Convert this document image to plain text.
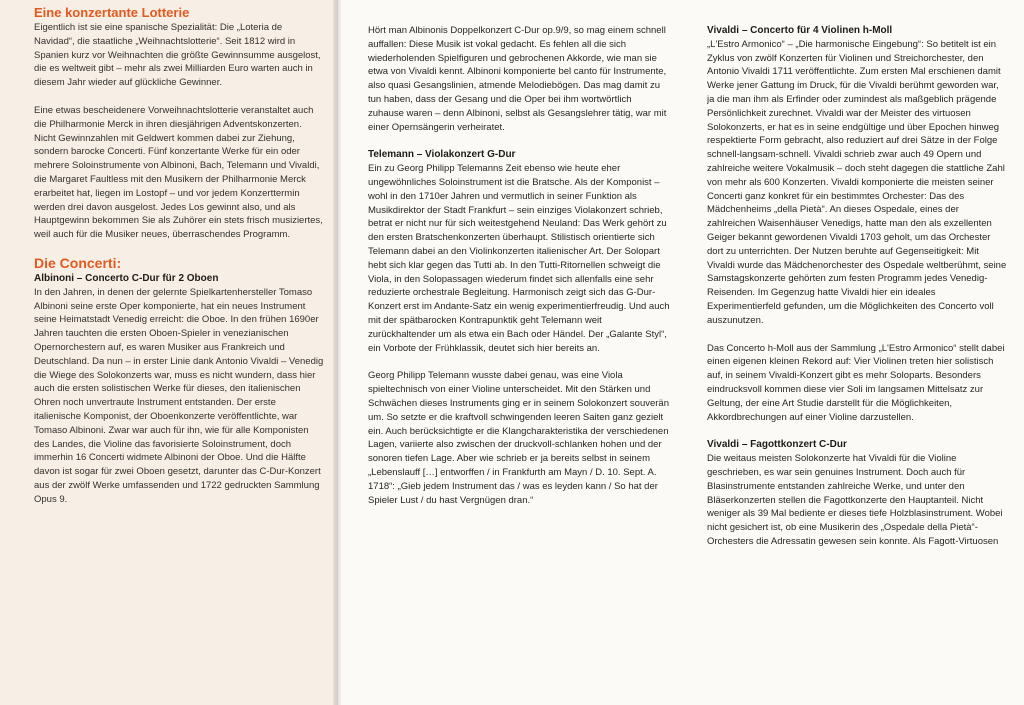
Eine konzertante Lotterie

Eigentlich ist sie eine spanische Spezialität: Die „Loteria de Navidad“, die staatliche „Weihnachtslotterie“. Seit 1812 wird in Spanien kurz vor Weihnachten die größte Gewinnsumme ausgelost, die es weltweit gibt – mehr als zwei Milliarden Euro warten auch in diesem Jahr wieder auf glückliche Gewinner.

Eine etwas bescheidenere Vorweihnachtslotterie veranstaltet auch die Philharmonie Merck in ihren diesjährigen Adventskonzerten. Nicht Gewinnzahlen mit Geldwert kommen dabei zur Ziehung, sondern barocke Concerti. Fünf konzertante Werke für ein oder mehrere Soloinstrumente von Albinoni, Bach, Telemann und Vivaldi, die Margaret Faultless mit den Musikern der Philharmonie Merck erarbeitet hat, liegen im Lostopf – und vor jedem Konzerttermin werden drei davon ausgelost. Jedes Los gewinnt also, und als Hauptgewinn bekommen Sie als Zuhörer ein stets frisch musiziertes, weil auch für die Musiker neues, überraschendes Programm.

Die Concerti:
Albinoni – Concerto C-Dur für 2 Oboen

In den Jahren, in denen der gelernte Spielkartenhersteller Tomaso Albinoni seine erste Oper komponierte, hat ein neues Instrument seine Heimatstadt Venedig erreicht: die Oboe. In den frühen 1690er Jahren tauchten die ersten Oboen-Spieler in venezianischen Opernorchestern auf, es waren Musiker aus Frankreich und Deutschland. Da nun – in erster Linie dank Antonio Vivaldi – Venedig die Wiege des Solokonzerts war, muss es nicht wundern, dass hier auch die ersten solistischen Werke für dieses, den italienischen Ohren noch unvertraute Instrument entstanden. Der erste italienische Komponist, der Oboenkonzerte veröffentlichte, war Tomaso Albinoni. Zwar war auch für ihn, wie für alle Komponisten des Landes, die Violine das favorisierte Soloinstrument, doch immerhin 16 Concerti widmete Albinoni der Oboe. Und die Hälfte davon ist sogar für zwei Oboen gesetzt, darunter das C-Dur-Konzert aus der zwölf Werke umfassenden und 1722 gedruckten Sammlung Opus 9.

Hört man Albinonis Doppelkonzert C-Dur op.9/9, so mag einem schnell auffallen: Diese Musik ist vokal gedacht. Es fehlen all die sich wiederholenden Spielfiguren und gebrochenen Akkorde, wie man sie etwa von Vivaldi kennt. Albinoni komponierte bel canto für Instrumente, also quasi Gesangslinien, atmende Melodiebögen. Das mag damit zu tun haben, dass der Gesang und die Oper bei ihm wortwörtlich zuhause waren – denn Albinoni, selbst als Gesangslehrer tätig, war mit einer Opernsängerin verheiratet.

Telemann – Violakonzert G-Dur

Ein zu Georg Philipp Telemanns Zeit ebenso wie heute eher ungewöhnliches Soloinstrument ist die Bratsche. Als der Komponist – wohl in den 1710er Jahren und vermutlich in seiner Funktion als Musikdirektor der Stadt Frankfurt – sein einziges Violakonzert schrieb, betrat er nicht nur für sich weitestgehend Neuland: Das Werk gehört zu den ersten Bratschenkonzerten überhaupt. Stilistisch orientierte sich Telemann dabei an den Violinkonzerten italienischer Art. Der Solopart hebt sich klar gegen das Tutti ab. In den Tutti-Ritornellen schweigt die Viola, in den Solopassagen wiederum findet sich allenfalls eine sehr reduzierte orchestrale Begleitung. Harmonisch zeigt sich das G-Dur-Konzert erst im Andante-Satz ein wenig experimentierfreudig. Und auch mit der spätbarocken Kontrapunktik geht Telemann weit zurückhaltender um als etwa ein Bach oder Händel. Der „Galante Styl“, ein Vorbote der Frühklassik, deutet sich hier bereits an.

Georg Philipp Telemann wusste dabei genau, was eine Viola spieltechnisch von einer Violine unterscheidet. Mit den Stärken und Schwächen dieses Instruments ging er in seinem Solokonzert souverän um. So setzte er die kraftvoll schwingenden leeren Saiten ganz gezielt ein. Auch berücksichtigte er die Klangcharakteristika der verschiedenen Lagen, variierte also zwischen der druckvoll-schlanken hohen und der sonoren tiefen Lage. Aber wie schrieb er ja bereits selbst in seinem „Lebenslauff […] entworffen / in Frankfurth am Mayn / D. 10. Sept. A. 1718“: „Gieb jedem Instrument das / was es leyden kann / So hat der Spieler Lust / du hast Vergnügen dran.“

Vivaldi – Concerto für 4 Violinen h-Moll

„L'Estro Armonico“ – „Die harmonische Eingebung“: So betitelt ist ein Zyklus von zwölf Konzerten für Violinen und Streichorchester, den Antonio Vivaldi 1711 veröffentlichte. Zum ersten Mal erschienen damit Werke jener Gattung im Druck, für die Vivaldi berühmt geworden war, ja die man ihm als Erfinder oder zumindest als maßgeblich prägende Persönlichkeit zurechnet. Vivaldi war der Meister des virtuosen Solokonzerts, er hat es in seine endgültige und über Epochen hinweg respektierte Form gebracht, also reduziert auf drei Sätze in der Folge schnell-langsam-schnell. Vivaldi schrieb zwar auch 49 Opern und zahlreiche weitere Vokalmusik – doch steht dagegen die stattliche Zahl von mehr als 600 Konzerten. Vivaldi komponierte die meisten seiner Concerti ganz konkret für ein bestimmtes Orchester: Das des Mädchenheims „della Pietà“. An dieses Ospedale, eines der zahlreichen Waisenhäuser Venedigs, hatte man den als exzellenten Geiger bekannt gewordenen Vivaldi 1703 geholt, um das Orchester dort zu unterrichten. Der Nutzen beruhte auf Gegenseitigkeit: Mit Vivaldi wurde das Mädchenorchester des Ospedale weltberühmt, seine Samstagskonzerte gehörten zum festen Programm jedes Venedig-Reisenden. Im Gegenzug hatte Vivaldi hier ein ideales Experimentierfeld gefunden, um die Möglichkeiten des Concerto voll auszunutzen.

Das Concerto h-Moll aus der Sammlung „L'Estro Armonico“ stellt dabei einen eigenen kleinen Rekord auf: Vier Violinen treten hier solistisch auf, in seinem Vivaldi-Konzert gibt es mehr Soloparts. Besonders eindrucksvoll kommen diese vier Soli im langsamen Mittelsatz zur Geltung, der eine Art Studie darstellt für die Möglichkeiten, Akkordbrechungen auf einer Violine darzustellen.

Vivaldi – Fagottkonzert C-Dur

Die weitaus meisten Solokonzerte hat Vivaldi für die Violine geschrieben, es war sein genuines Instrument. Doch auch für Blasinstrumente entstanden zahlreiche Werke, und unter den Bläserkonzerten stellen die Fagottkonzerte den Hauptanteil. Nicht weniger als 39 Mal bediente er dieses tiefe Holzblasinstrument. Wobei nicht gesichert ist, ob eine Musikerin des „Ospedale della Pietà“-Orchesters die Adressatin gewesen sein konnte. Als Fagott-Virtuosen
